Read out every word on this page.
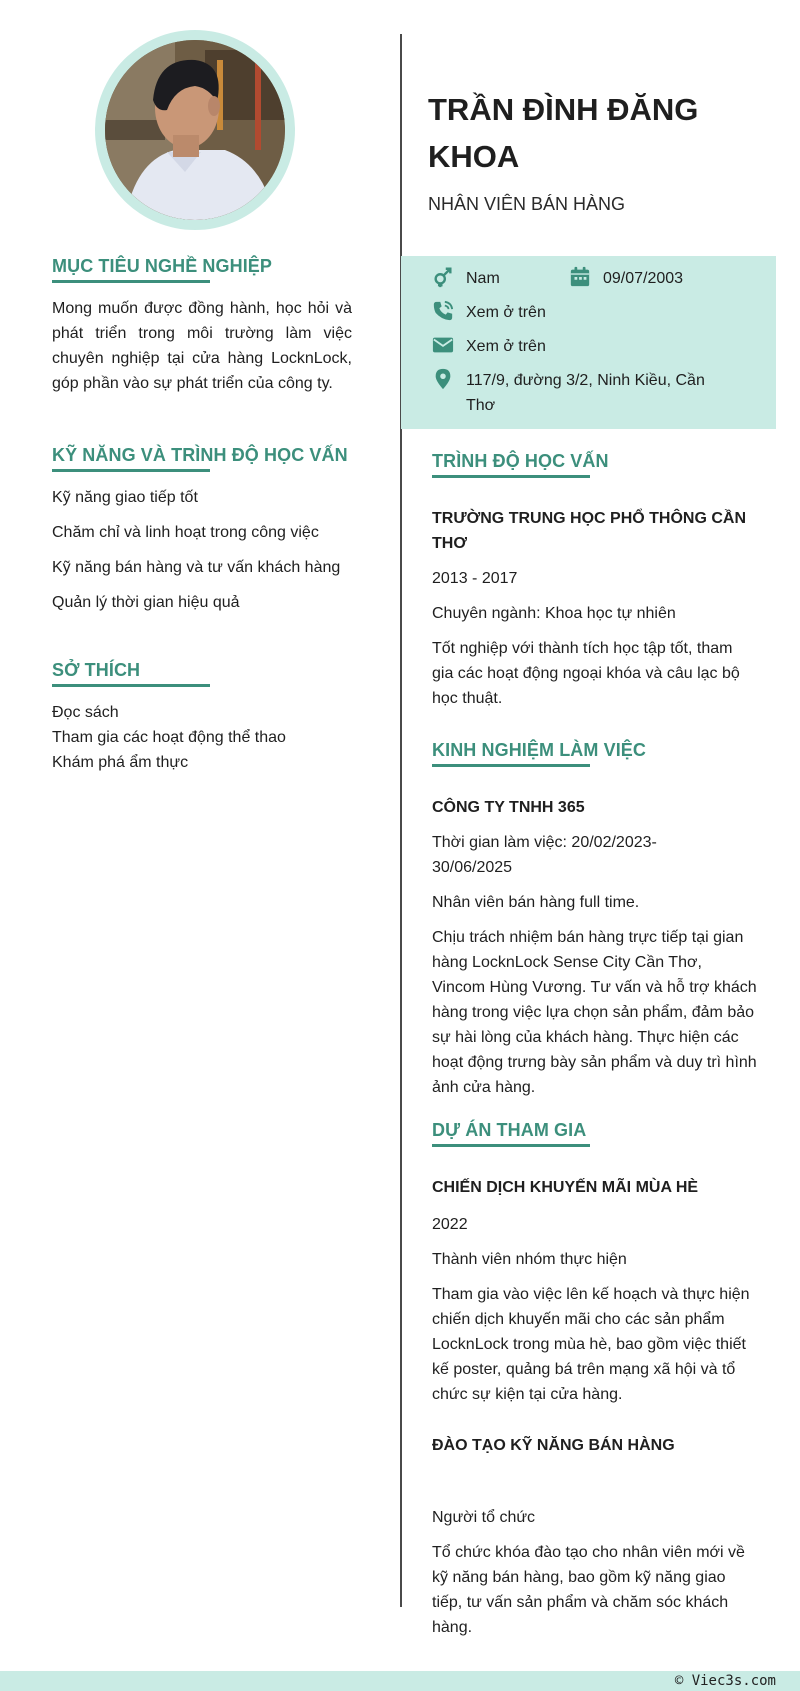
MỤC TIÊU NGHỀ NGHIỆP
Mong muốn được đồng hành, học hỏi và phát triển trong môi trường làm việc chuyên nghiệp tại cửa hàng LocknLock, góp phần vào sự phát triển của công ty.
KỸ NĂNG VÀ TRÌNH ĐỘ HỌC VẤN
Kỹ năng giao tiếp tốt
Chăm chỉ và linh hoạt trong công việc
Kỹ năng bán hàng và tư vấn khách hàng
Quản lý thời gian hiệu quả
SỞ THÍCH
Đọc sách
Tham gia các hoạt động thể thao
Khám phá ẩm thực
TRẦN ĐÌNH ĐĂNG
KHOA
NHÂN VIÊN BÁN HÀNG
Nam	09/07/2003
Xem ở trên
Xem ở trên
117/9, đường 3/2, Ninh Kiều, Cần
Thơ
TRÌNH ĐỘ HỌC VẤN
TRƯỜNG TRUNG HỌC PHỔ THÔNG CẦN
THƠ
2013 - 2017
Chuyên ngành: Khoa học tự nhiên
Tốt nghiệp với thành tích học tập tốt, tham gia các hoạt động ngoại khóa và câu lạc bộ học thuật.
KINH NGHIỆM LÀM VIỆC
CÔNG TY TNHH 365
Thời gian làm việc: 20/02/2023-30/06/2025
Nhân viên bán hàng full time.
Chịu trách nhiệm bán hàng trực tiếp tại gian hàng LocknLock Sense City Cần Thơ, Vincom Hùng Vương. Tư vấn và hỗ trợ khách hàng trong việc lựa chọn sản phẩm, đảm bảo sự hài lòng của khách hàng. Thực hiện các hoạt động trưng bày sản phẩm và duy trì hình ảnh cửa hàng.
DỰ ÁN THAM GIA
CHIẾN DỊCH KHUYẾN MÃI MÙA HÈ
2022
Thành viên nhóm thực hiện
Tham gia vào việc lên kế hoạch và thực hiện chiến dịch khuyến mãi cho các sản phẩm LocknLock trong mùa hè, bao gồm việc thiết kế poster, quảng bá trên mạng xã hội và tổ chức sự kiện tại cửa hàng.
ĐÀO TẠO KỸ NĂNG BÁN HÀNG
Người tổ chức
Tổ chức khóa đào tạo cho nhân viên mới về kỹ năng bán hàng, bao gồm kỹ năng giao tiếp, tư vấn sản phẩm và chăm sóc khách hàng.
© Viec3s.com
